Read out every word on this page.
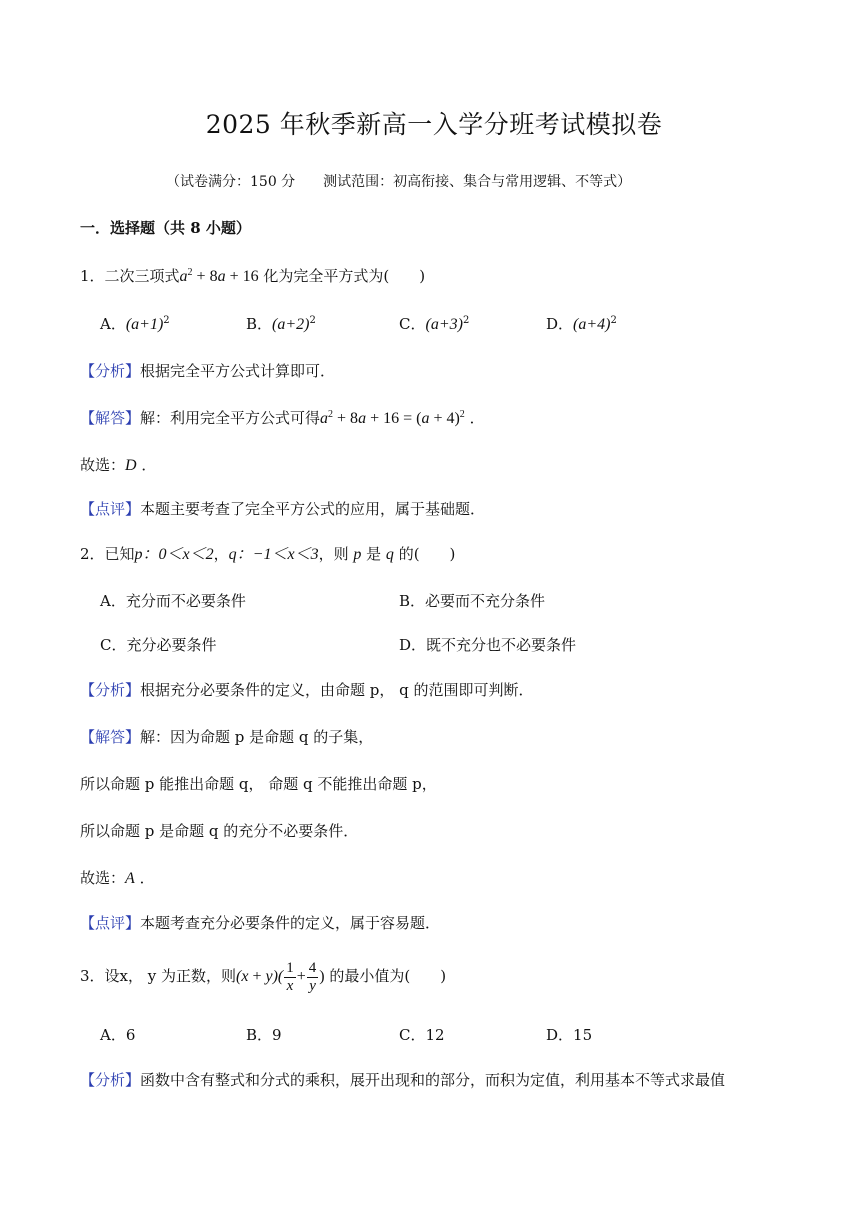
2025 年秋季新高一入学分班考试模拟卷
（试卷满分：150 分　　测试范围：初高衔接、集合与常用逻辑、不等式）
一．选择题（共 8 小题）
1．二次三项式$a^2 + 8a + 16$ 化为完全平方式为(　　)
A．$(a+1)^2$	B．$(a+2)^2$	C．$(a+3)^2$	D．$(a+4)^2$
【分析】根据完全平方公式计算即可．
【解答】解：利用完全平方公式可得$a^2 + 8a + 16 = (a + 4)^2$ ．
故选：D ．
【点评】本题主要考查了完全平方公式的应用，属于基础题．
2．已知p：0＜x＜2，q：−1＜x＜3，则 p 是 q 的(　　)
A．充分而不必要条件	B．必要而不充分条件
C．充分必要条件	D．既不充分也不必要条件
【分析】根据充分必要条件的定义，由命题 p， q 的范围即可判断．
【解答】解：因为命题 p 是命题 q 的子集，
所以命题 p 能推出命题 q， 命题 q 不能推出命题 p，
所以命题 p 是命题 q 的充分不必要条件．
故选：A ．
【点评】本题考查充分必要条件的定义，属于容易题．
3．设x， y 为正数，则$(x + y)( \frac{1}{x} + \frac{4}{y}$ ) 的最小值为(　　)
A．6	B．9	C．12	D．15
【分析】函数中含有整式和分式的乘积，展开出现和的部分，而积为定值，利用基本不等式求最值
